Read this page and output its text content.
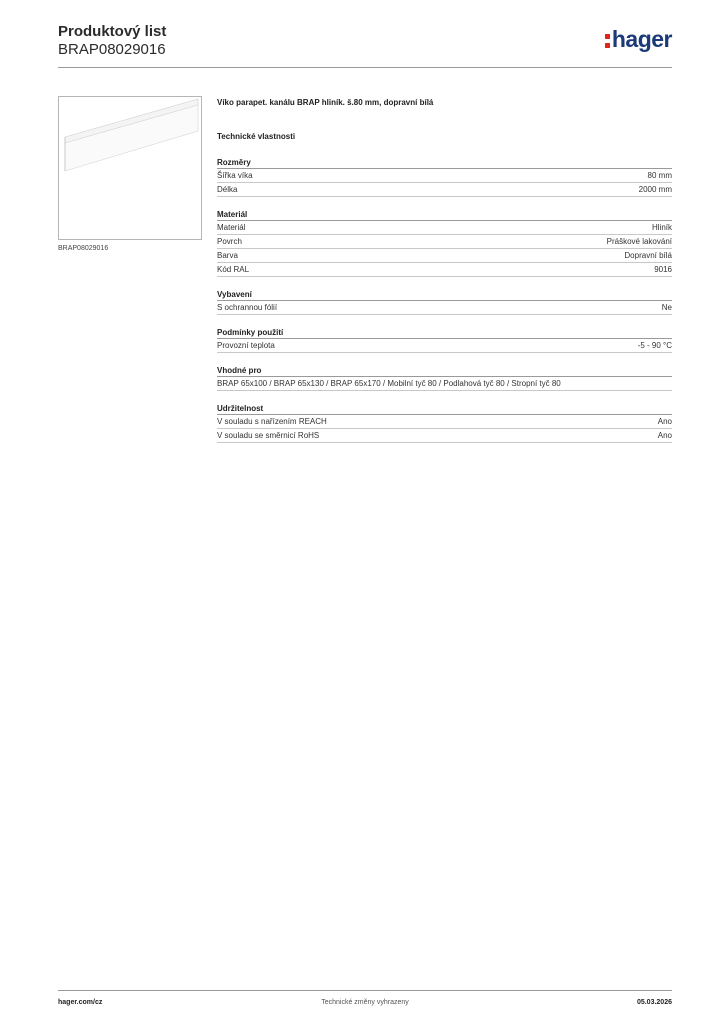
Produktový list
BRAP08029016	hager
BRAP08029016
Víko parapet. kanálu BRAP hliník. š.80 mm, dopravní bílá
Technické vlastnosti
Rozměry
Šířka víka	80 mm
Délka	2000 mm
Materiál
Materiál	Hliník
Povrch	Práškové lakování
Barva	Dopravní bílá
Kód RAL	9016
Vybavení
S ochrannou fólií	Ne
Podmínky použití
Provozní teplota	-5 - 90 °C
Vhodné pro
BRAP 65x100 / BRAP 65x130 / BRAP 65x170 / Mobilní tyč 80 / Podlahová tyč 80 / Stropní tyč 80
Udržitelnost
V souladu s nařízením REACH	Ano
V souladu se směrnicí RoHS	Ano
hager.com/cz	Technické změny vyhrazeny	05.03.2026
